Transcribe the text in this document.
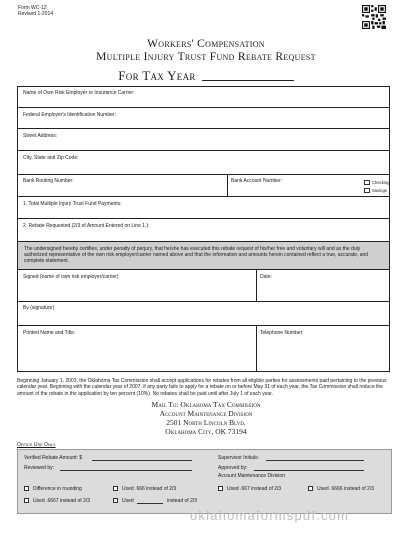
Form WC-12
Revised 1-2014
Workers' Compensation
Multiple Injury Trust Fund Rebate Request
For Tax Year
Name of Own Risk Employer or Insurance Carrier:
Federal Employer's Identification Number:
Street Address:
City, State and Zip Code:
Bank Routing Number:	Bank Account Number:	Checking
Savings
1. Total Multiple Injury Trust Fund Payments:
2. Rebate Requested (2/3 of Amount Entered on Line 1.):
The undersigned hereby certifies, under penalty of perjury, that he/she has executed this rebate request of his/her free and voluntary will and as the duly authorized representative of the own risk employer/carrier named above and that the information and amounts herein contained reflect a true, accurate, and complete statement.
Signed (name of own risk employer/carrier)	Date:
By (signature)
Printed Name and Title:	Telephone Number:
Beginning January 1, 2003, the Oklahoma Tax Commission shall accept applications for rebates from all eligible parties for assessments paid pertaining to the previous calendar year. Beginning with the calendar year of 2007, if any party fails to apply for a rebate on or before May 31 of each year, the Tax Commission shall reduce the amount of the rebate in the application by ten percent (10%). No rebates shall be paid until after July 1 of each year.
Mail To: Oklahoma Tax Commission
Account Maintenance Division
2501 North Lincoln Blvd.
Oklahoma City, OK 73194
Office Use Only
Verified Rebate Amount: $	Supervisor Initials:
Reviewed by:	Approved by:
Account Maintenance Division
Difference in rounding	Used .666 instead of 2/3	Used .667 instead of 2/3	Used .6666 instead of 2/3
Used .6667 instead of 2/3	Used	instead of 2/3
oklahomaformspdf.com
